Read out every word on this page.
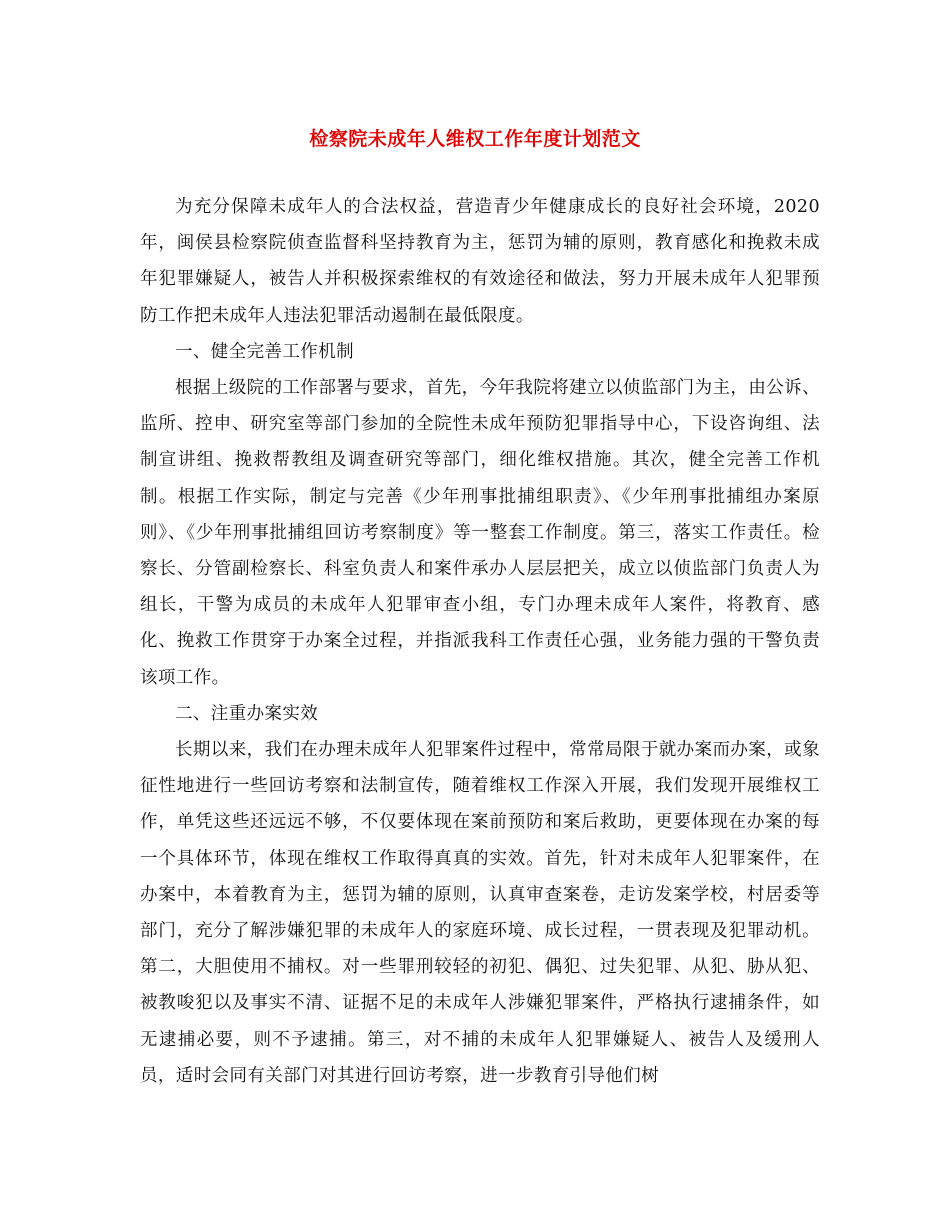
检察院未成年人维权工作年度计划范文

为充分保障未成年人的合法权益，营造青少年健康成长的良好社会环境，2020年，闽侯县检察院侦查监督科坚持教育为主，惩罚为辅的原则，教育感化和挽救未成年犯罪嫌疑人，被告人并积极探索维权的有效途径和做法，努力开展未成年人犯罪预防工作把未成年人违法犯罪活动遏制在最低限度。

一、健全完善工作机制

根据上级院的工作部署与要求，首先，今年我院将建立以侦监部门为主，由公诉、监所、控申、研究室等部门参加的全院性未成年预防犯罪指导中心，下设咨询组、法制宣讲组、挽救帮教组及调查研究等部门，细化维权措施。其次，健全完善工作机制。根据工作实际，制定与完善《少年刑事批捕组职责》、《少年刑事批捕组办案原则》、《少年刑事批捕组回访考察制度》等一整套工作制度。第三，落实工作责任。检察长、分管副检察长、科室负责人和案件承办人层层把关，成立以侦监部门负责人为组长，干警为成员的未成年人犯罪审查小组，专门办理未成年人案件，将教育、感化、挽救工作贯穿于办案全过程，并指派我科工作责任心强，业务能力强的干警负责该项工作。

二、注重办案实效

长期以来，我们在办理未成年人犯罪案件过程中，常常局限于就办案而办案，或象征性地进行一些回访考察和法制宣传，随着维权工作深入开展，我们发现开展维权工作，单凭这些还远远不够，不仅要体现在案前预防和案后救助，更要体现在办案的每一个具体环节，体现在维权工作取得真真的实效。首先，针对未成年人犯罪案件，在办案中，本着教育为主，惩罚为辅的原则，认真审查案卷，走访发案学校，村居委等部门，充分了解涉嫌犯罪的未成年人的家庭环境、成长过程，一贯表现及犯罪动机。第二，大胆使用不捕权。对一些罪刑较轻的初犯、偶犯、过失犯罪、从犯、胁从犯、被教唆犯以及事实不清、证据不足的未成年人涉嫌犯罪案件，严格执行逮捕条件，如无逮捕必要，则不予逮捕。第三，对不捕的未成年人犯罪嫌疑人、被告人及缓刑人员，适时会同有关部门对其进行回访考察，进一步教育引导他们树
